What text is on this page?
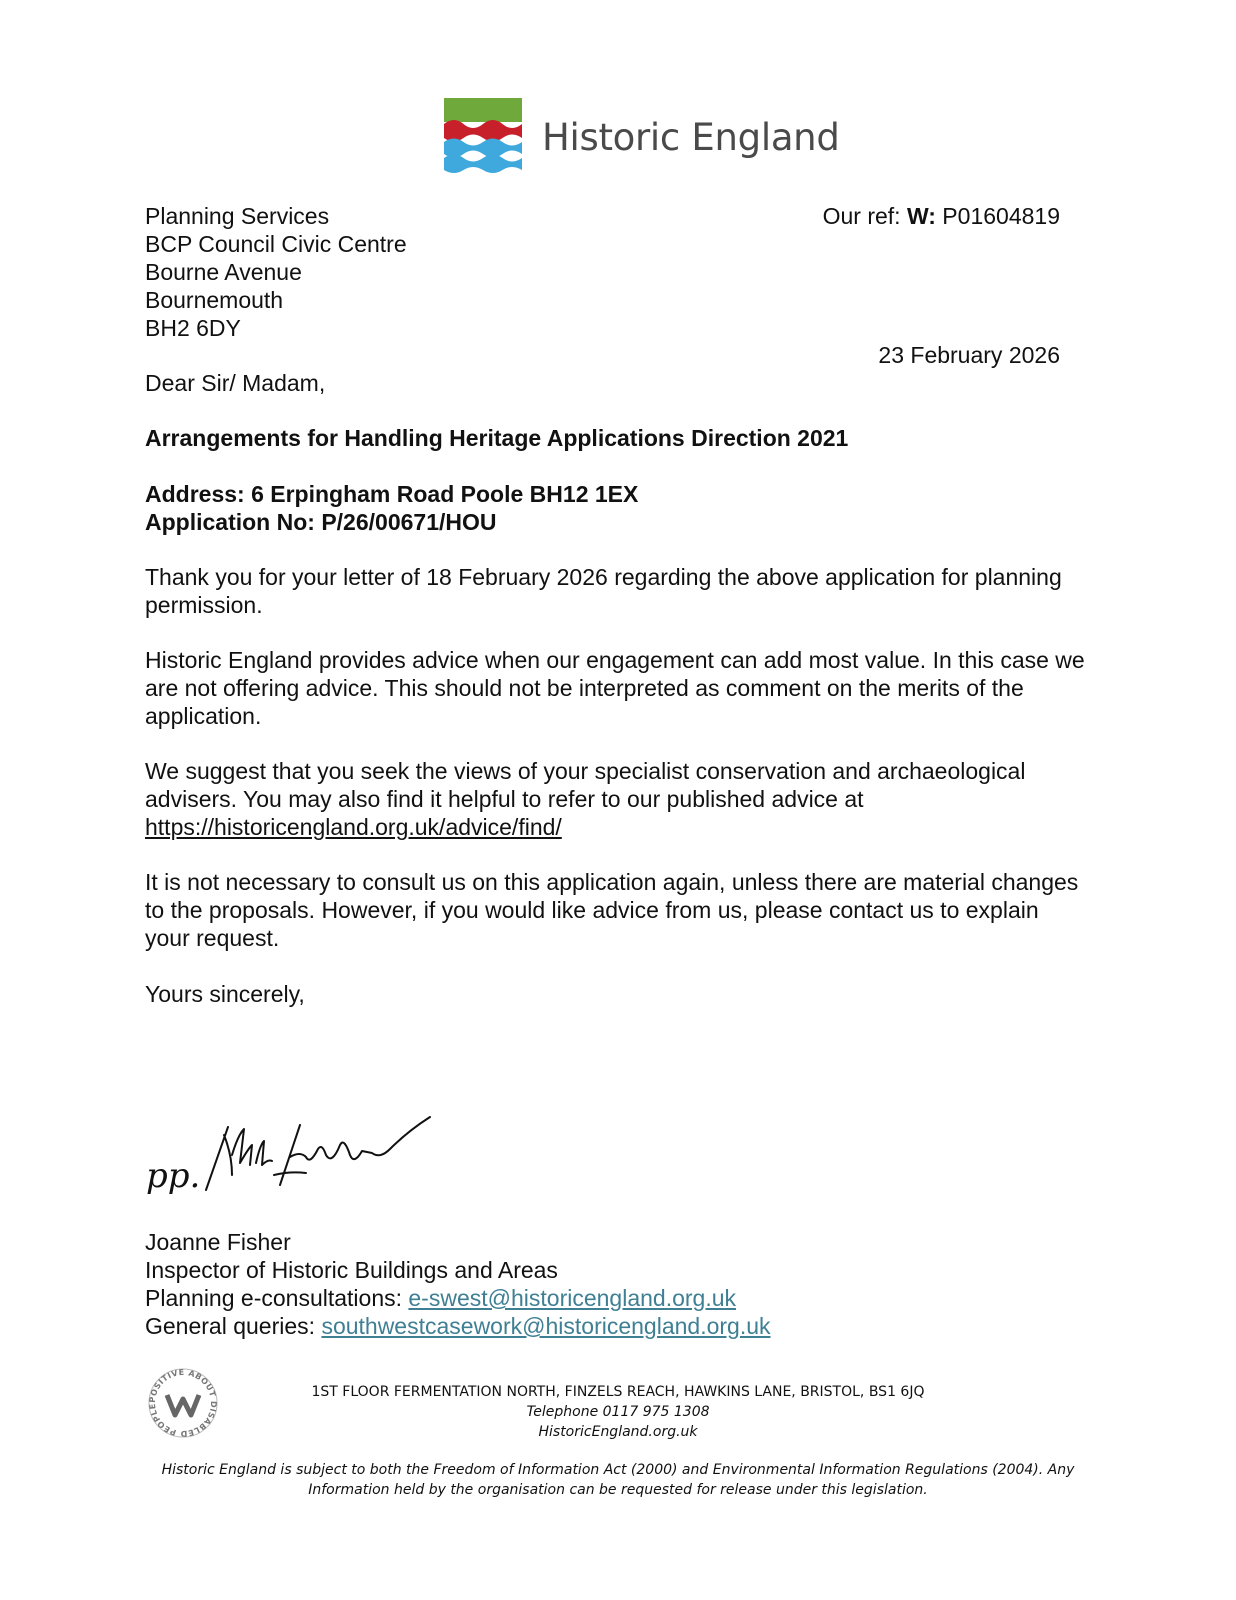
Historic England
Planning Services
BCP Council Civic Centre
Bourne Avenue
Bournemouth
BH2 6DY
Our ref: W: P01604819
23 February 2026
Dear Sir/ Madam,
Arrangements for Handling Heritage Applications Direction 2021
Address: 6 Erpingham Road Poole BH12 1EX
Application No: P/26/00671/HOU
Thank you for your letter of 18 February 2026 regarding the above application for planning permission.
Historic England provides advice when our engagement can add most value. In this case we are not offering advice. This should not be interpreted as comment on the merits of the application.
We suggest that you seek the views of your specialist conservation and archaeological advisers. You may also find it helpful to refer to our published advice at
https://historicengland.org.uk/advice/find/
It is not necessary to consult us on this application again, unless there are material changes to the proposals. However, if you would like advice from us, please contact us to explain your request.
Yours sincerely,
pp.
Joanne Fisher
Inspector of Historic Buildings and Areas
Planning e-consultations: e-swest@historicengland.org.uk
General queries: southwestcasework@historicengland.org.uk
POSITIVE ABOUT DISABLED PEOPLE
1ST FLOOR FERMENTATION NORTH, FINZELS REACH, HAWKINS LANE, BRISTOL, BS1 6JQ
Telephone 0117 975 1308
HistoricEngland.org.uk
Historic England is subject to both the Freedom of Information Act (2000) and Environmental Information Regulations (2004). Any Information held by the organisation can be requested for release under this legislation.
